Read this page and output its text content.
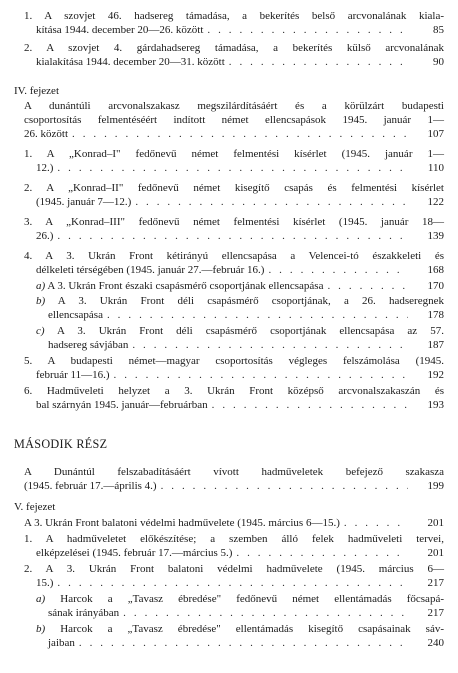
1. A szovjet 46. hadsereg támadása, a bekerítés belső arcvonalának kiala-
kítása 1944. december 20—26. között . . .	85
2. A szovjet 4. gárdahadsereg támadása, a bekerítés külső arcvonalának
kialakítása 1944. december 20—31. között . . .	90
IV. fejezet
A dunántúli arcvonalszakasz megszilárdításáért és a körülzárt budapesti
csoportosítás felmentéséért indított német ellencsapások 1945. január 1—
26. között . . .	107
1. A „Konrad–I" fedőnevű német felmentési kísérlet (1945. január 1—
12.) . . .	110
2. A „Konrad–II" fedőnevű német kisegítő csapás és felmentési kísérlet
(1945. január 7—12.) . . .	122
3. A „Konrad–III" fedőnevű német felmentési kísérlet (1945. január 18—
26.) . . .	139
4. A 3. Ukrán Front kétirányú ellencsapása a Velencei-tó északkeleti és
délkeleti térségében (1945. január 27.—február 16.) . . .	168
a) A 3. Ukrán Front északi csapásmérő csoportjának ellencsapása . . .	170
b) A 3. Ukrán Front déli csapásmérő csoportjának, a 26. hadseregnek
ellencsapása . . .	178
c) A 3. Ukrán Front déli csapásmérő csoportjának ellencsapása az 57.
hadsereg sávjában . . .	187
5. A budapesti német—magyar csoportosítás végleges felszámolása (1945.
február 11—16.) . . .	192
6. Hadműveleti helyzet a 3. Ukrán Front középső arcvonalszakaszán és
bal szárnyán 1945. január—februárban . . .	193
MÁSODIK RÉSZ
A Dunántúl felszabadításáért vívott hadműveletek befejező szakasza
(1945. február 17.—április 4.) . . .	199
V. fejezet
A 3. Ukrán Front balatoni védelmi hadművelete (1945. március 6—15.) . . .	201
1. A hadműveletet előkészítése; a szemben álló felek hadműveleti tervei,
elképzelései (1945. február 17.—március 5.) . . .	201
2. A 3. Ukrán Front balatoni védelmi hadművelete (1945. március 6—
15.) . . .	217
a) Harcok a „Tavasz ébredése" fedőnevű német ellentámadás főcsapá-
sának irányában . . .	217
b) Harcok a „Tavasz ébredése" ellentámadás kisegítő csapásainak sáv-
jaiban . . .	240
